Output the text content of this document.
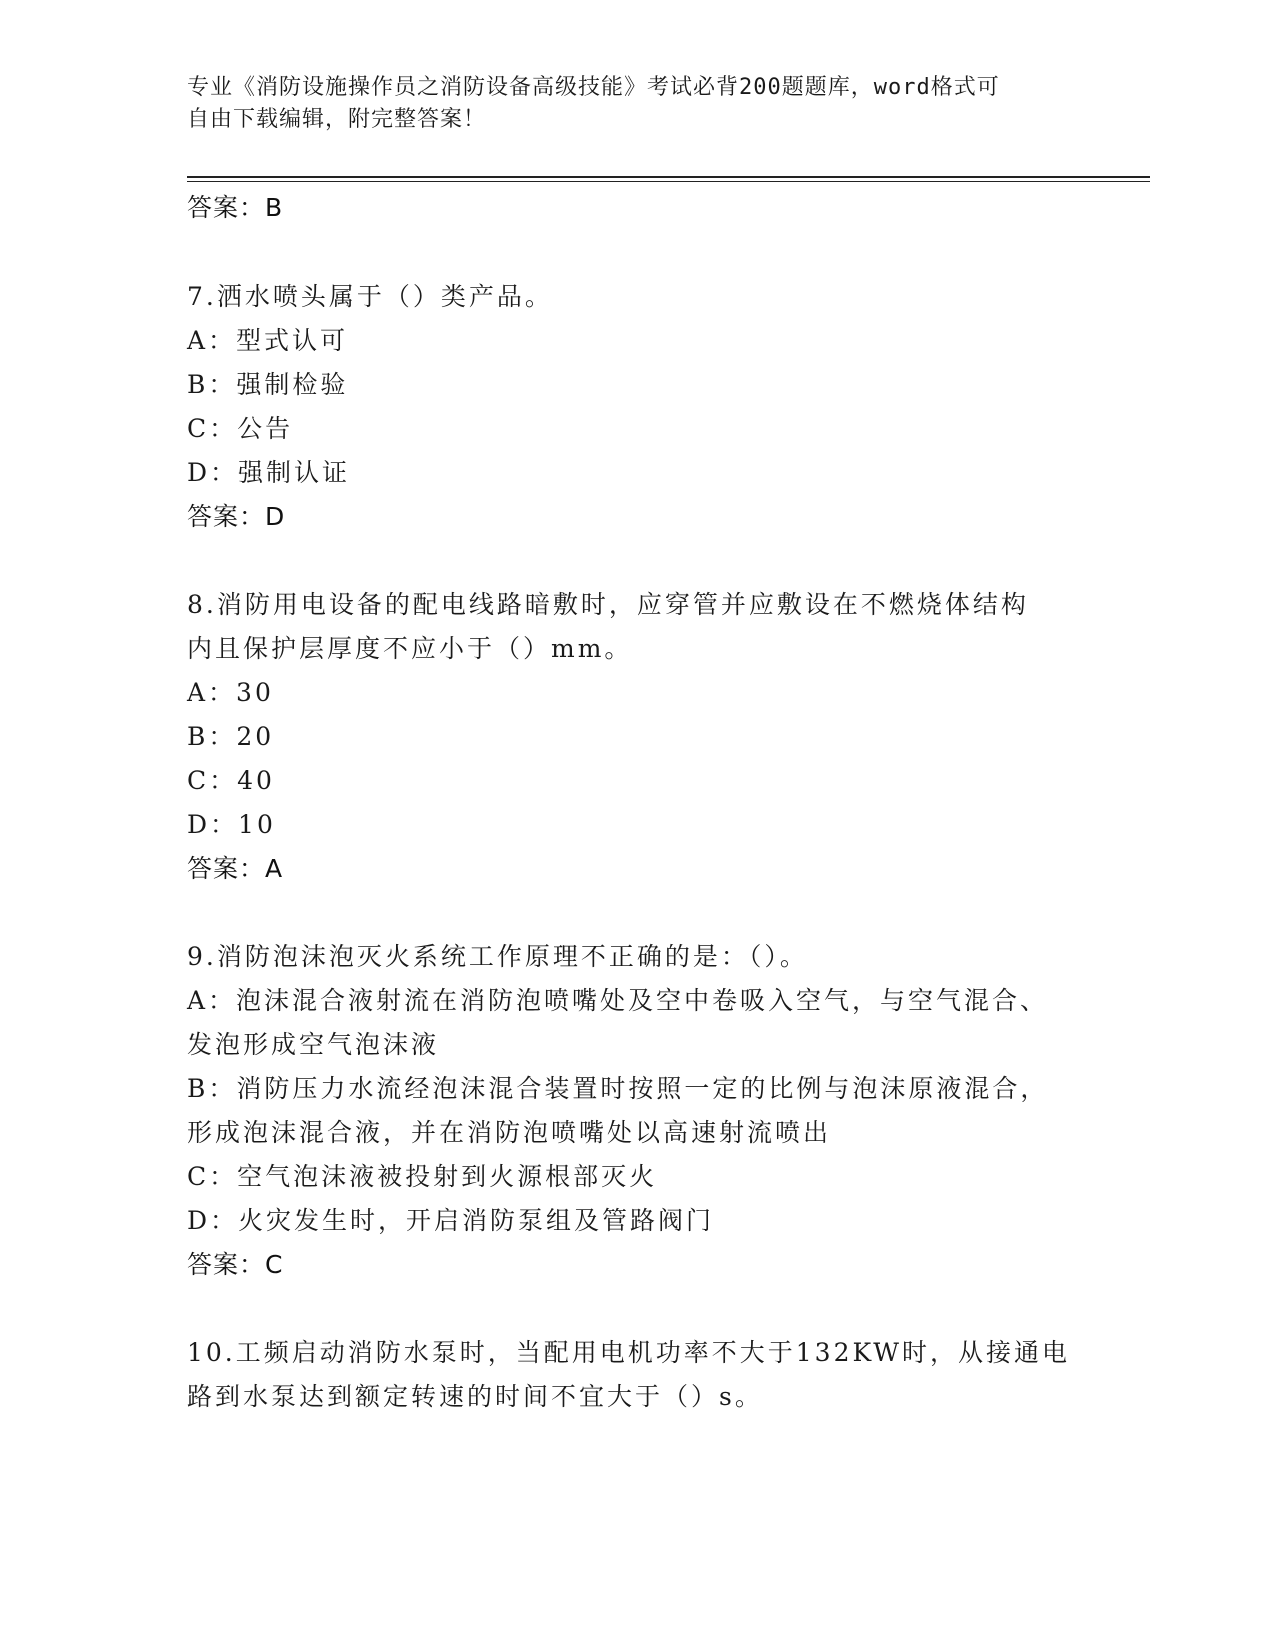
专业《消防设施操作员之消防设备高级技能》考试必背200题题库，word格式可
自由下载编辑，附完整答案！
答案：B
7.洒水喷头属于（）类产品。
A：型式认可
B：强制检验
C：公告
D：强制认证
答案：D
8.消防用电设备的配电线路暗敷时，应穿管并应敷设在不燃烧体结构
内且保护层厚度不应小于（）mm。
A：30
B：20
C：40
D：10
答案：A
9.消防泡沫泡灭火系统工作原理不正确的是：（）。
A：泡沫混合液射流在消防泡喷嘴处及空中卷吸入空气，与空气混合、
发泡形成空气泡沫液
B：消防压力水流经泡沫混合装置时按照一定的比例与泡沫原液混合，
形成泡沫混合液，并在消防泡喷嘴处以高速射流喷出
C：空气泡沫液被投射到火源根部灭火
D：火灾发生时，开启消防泵组及管路阀门
答案：C
10.工频启动消防水泵时，当配用电机功率不大于132KW时，从接通电
路到水泵达到额定转速的时间不宜大于（）s。
